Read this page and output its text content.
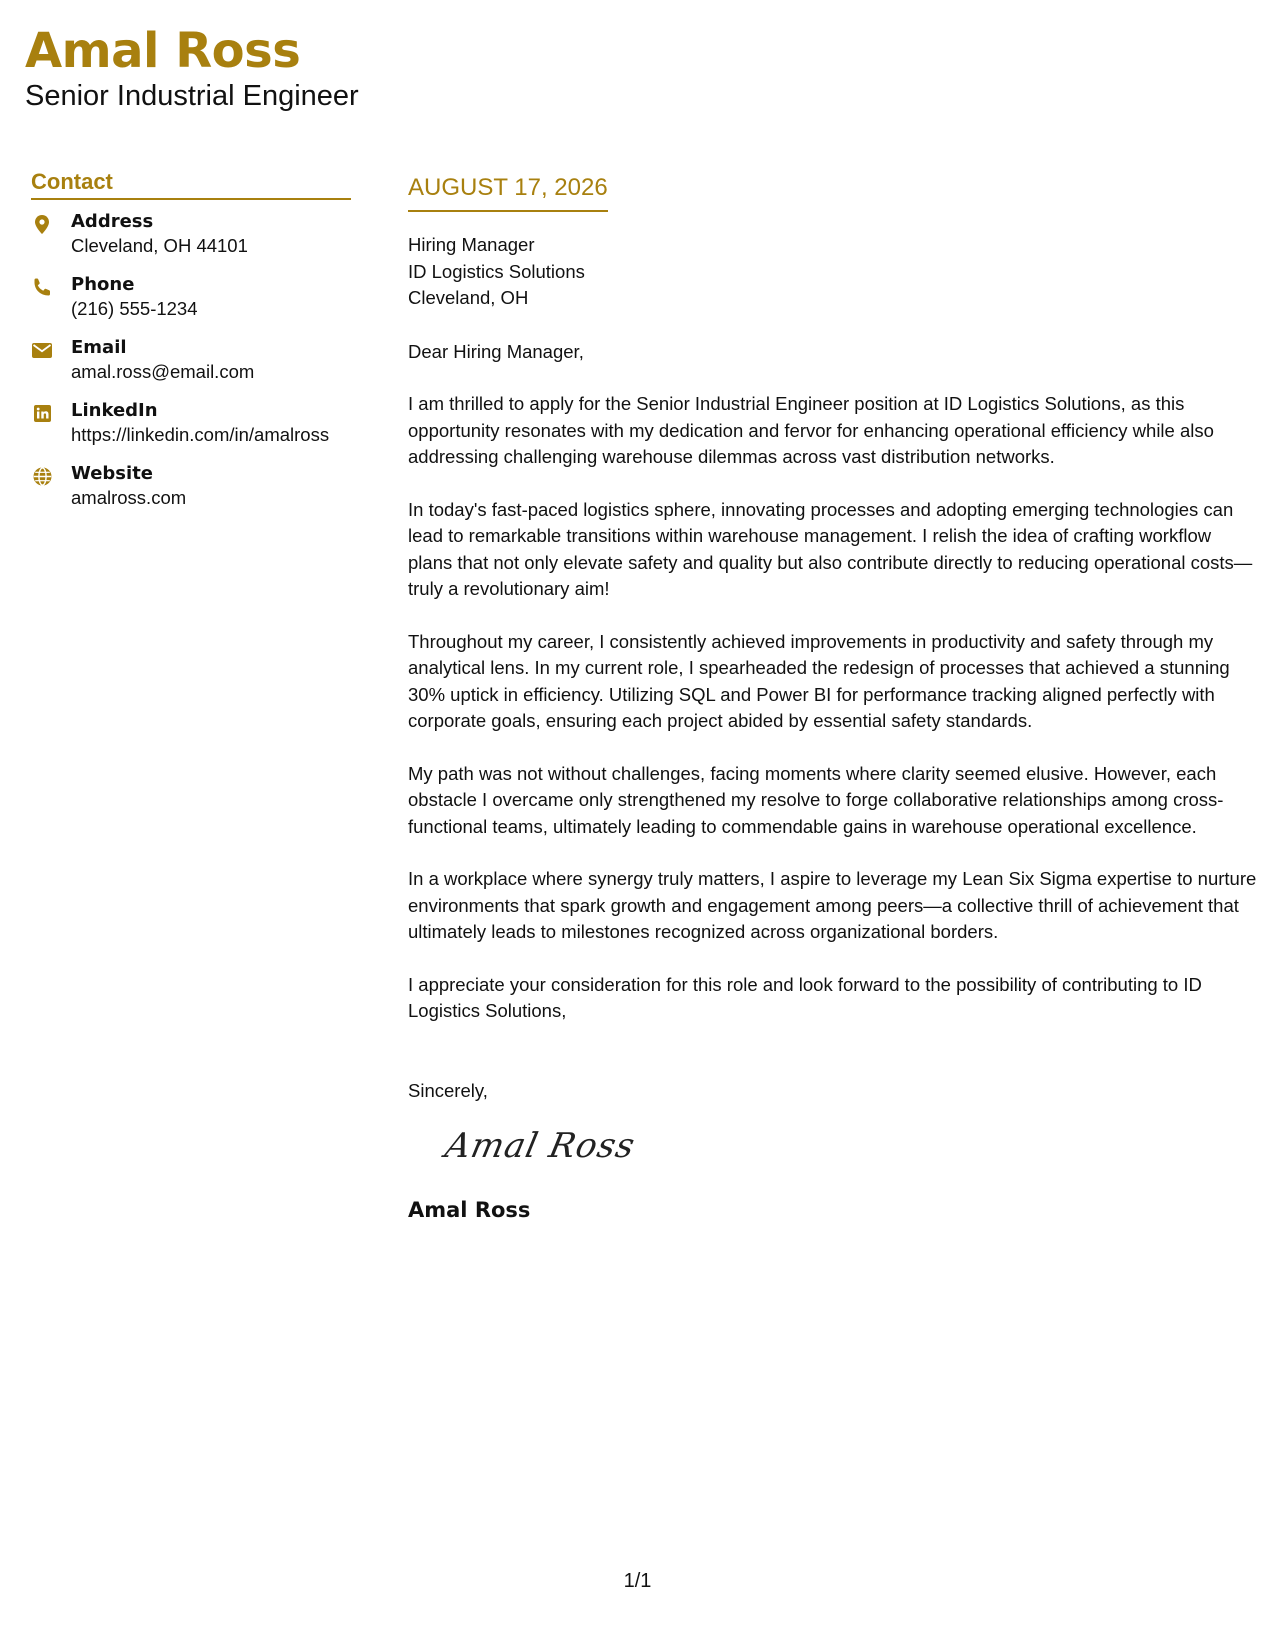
Amal Ross
Senior Industrial Engineer
Contact
Address
Cleveland, OH 44101
Phone
(216) 555-1234
Email
amal.ross@email.com
LinkedIn
https://linkedin.com/in/amalross
Website
amalross.com
AUGUST 17, 2026
Hiring Manager
ID Logistics Solutions
Cleveland, OH
Dear Hiring Manager,

I am thrilled to apply for the Senior Industrial Engineer position at ID Logistics Solutions, as this opportunity resonates with my dedication and fervor for enhancing operational efficiency while also addressing challenging warehouse dilemmas across vast distribution networks.

In today's fast-paced logistics sphere, innovating processes and adopting emerging technologies can lead to remarkable transitions within warehouse management. I relish the idea of crafting workflow plans that not only elevate safety and quality but also contribute directly to reducing operational costs—truly a revolutionary aim!

Throughout my career, I consistently achieved improvements in productivity and safety through my analytical lens. In my current role, I spearheaded the redesign of processes that achieved a stunning 30% uptick in efficiency. Utilizing SQL and Power BI for performance tracking aligned perfectly with corporate goals, ensuring each project abided by essential safety standards.

My path was not without challenges, facing moments where clarity seemed elusive. However, each obstacle I overcame only strengthened my resolve to forge collaborative relationships among cross-functional teams, ultimately leading to commendable gains in warehouse operational excellence.

In a workplace where synergy truly matters, I aspire to leverage my Lean Six Sigma expertise to nurture environments that spark growth and engagement among peers—a collective thrill of achievement that ultimately leads to milestones recognized across organizational borders.

I appreciate your consideration for this role and look forward to the possibility of contributing to ID Logistics Solutions,

Sincerely,
Amal Ross
Amal Ross
1/1
